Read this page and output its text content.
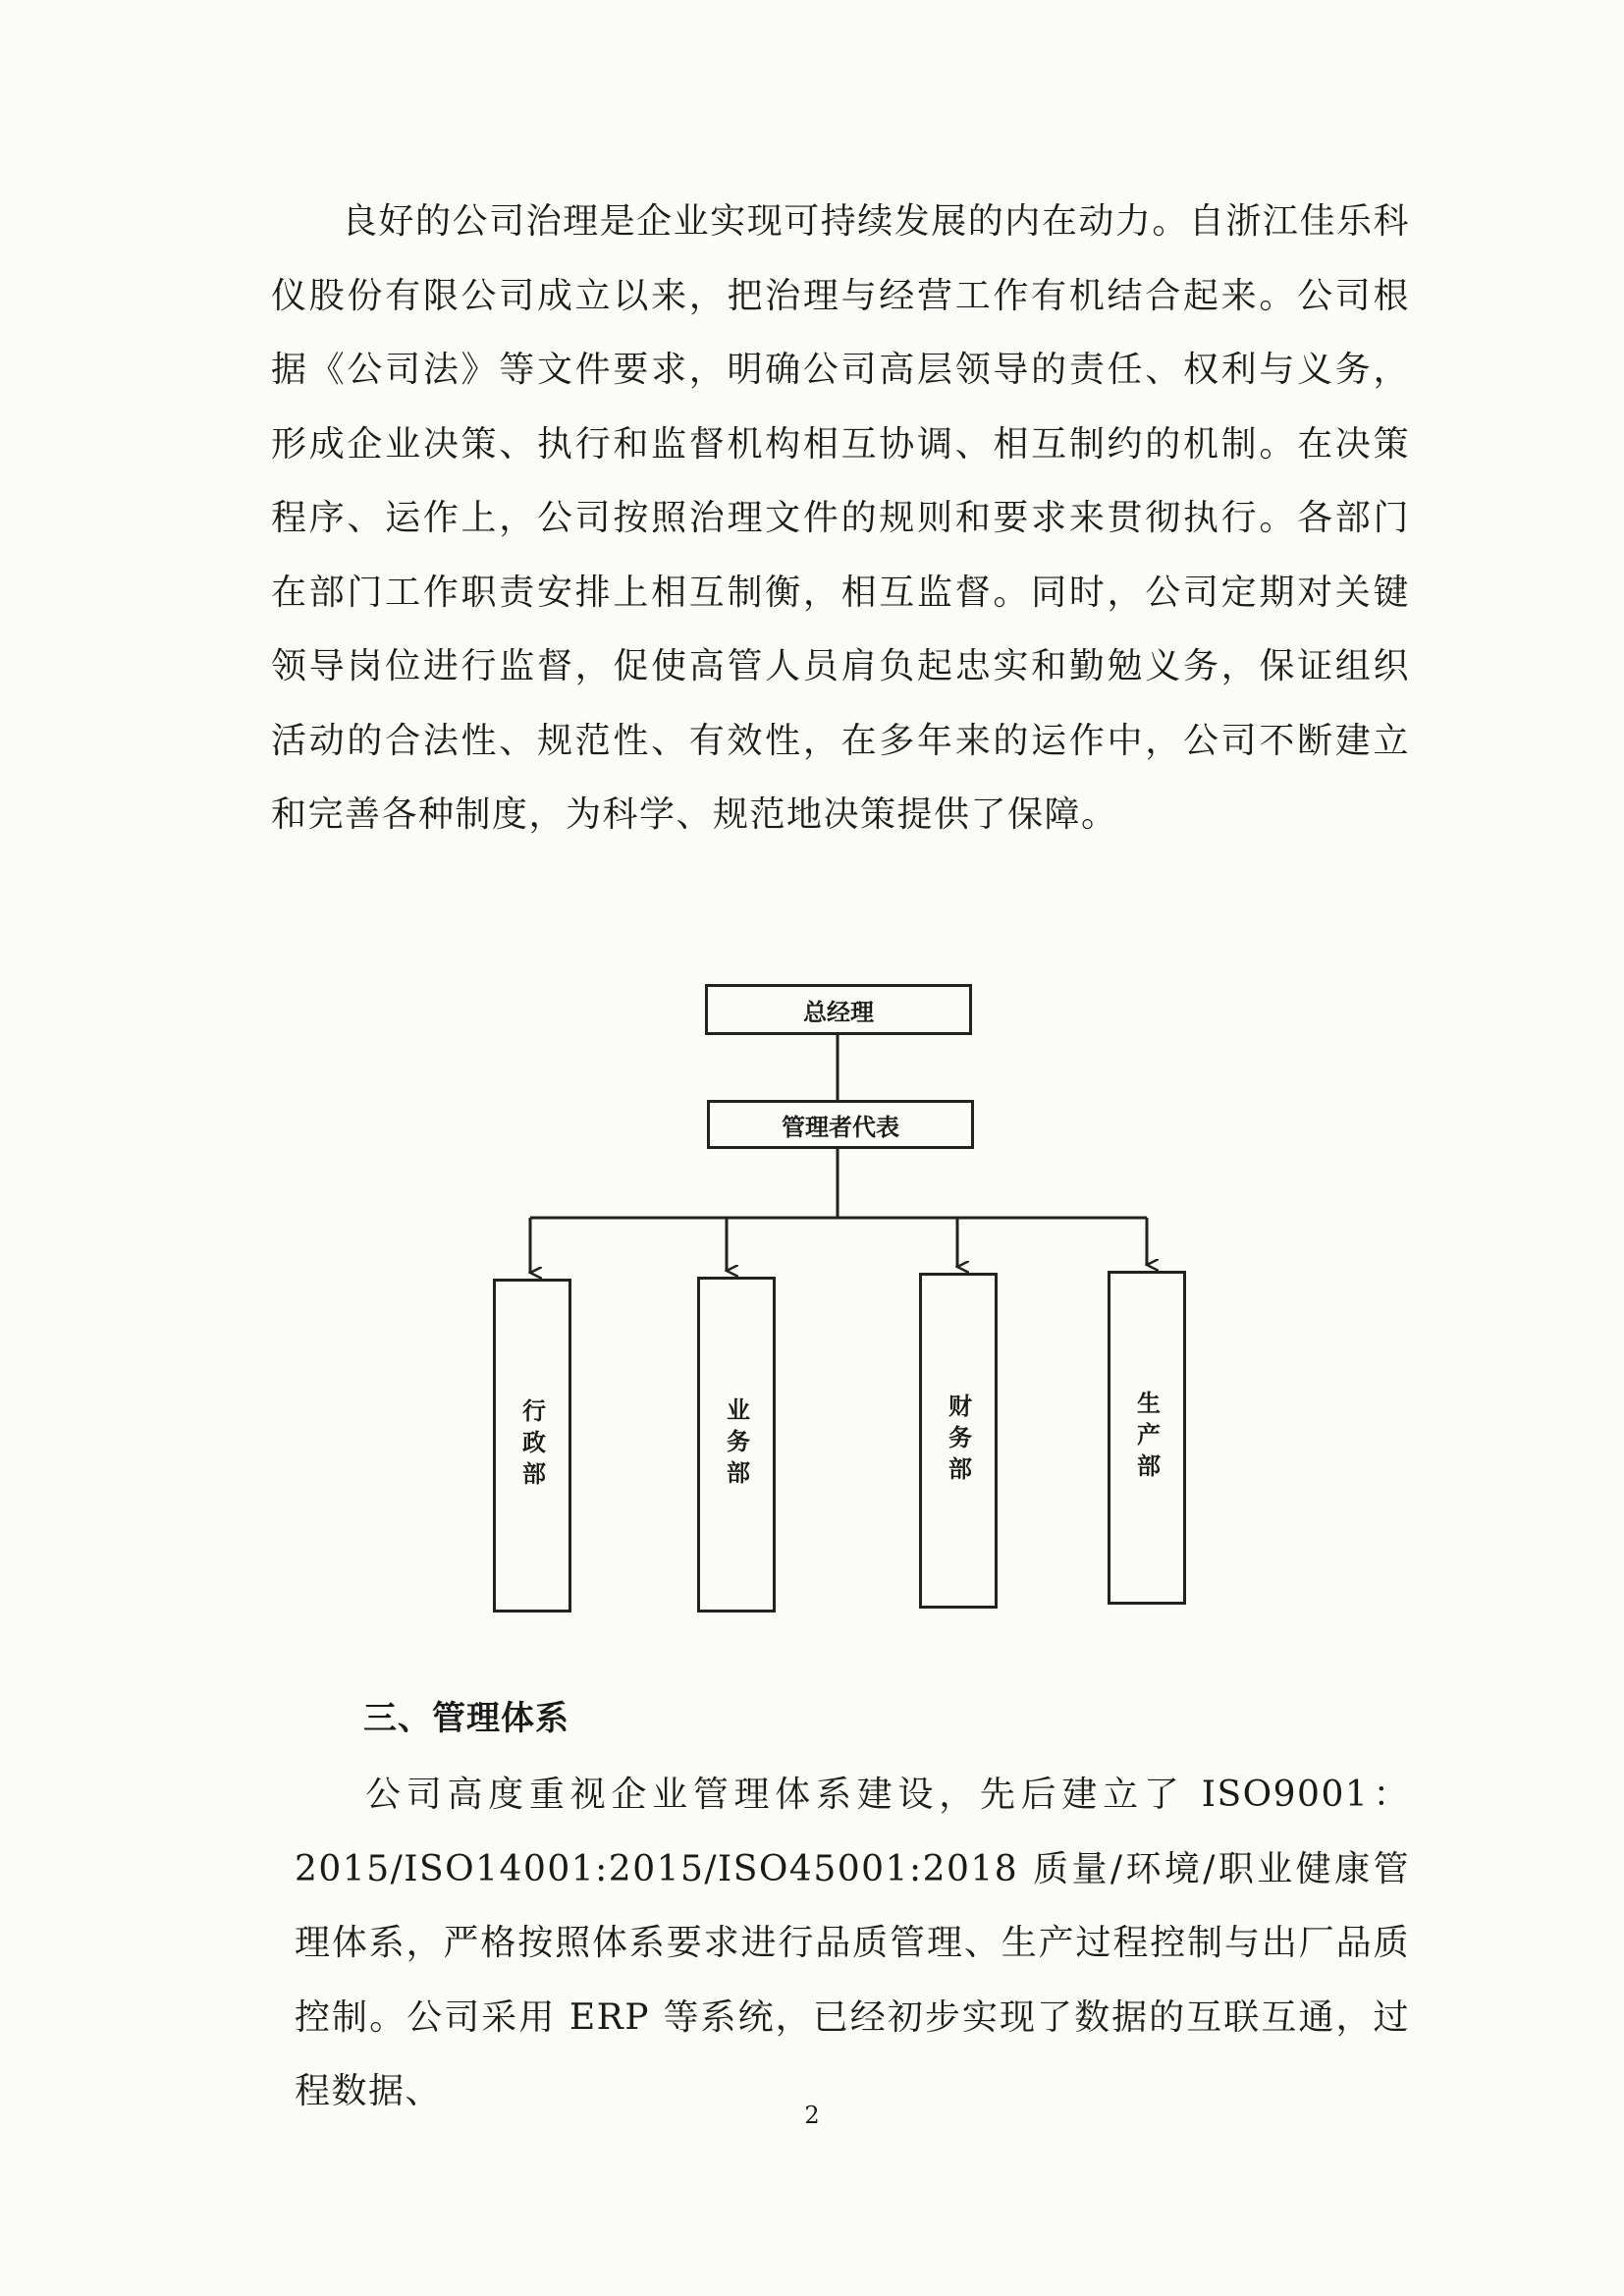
良好的公司治理是企业实现可持续发展的内在动力。自浙江佳乐科仪股份有限公司成立以来，把治理与经营工作有机结合起来。公司根据《公司法》等文件要求，明确公司高层领导的责任、权利与义务，形成企业决策、执行和监督机构相互协调、相互制约的机制。在决策程序、运作上，公司按照治理文件的规则和要求来贯彻执行。各部门在部门工作职责安排上相互制衡，相互监督。同时，公司定期对关键领导岗位进行监督，促使高管人员肩负起忠实和勤勉义务，保证组织活动的合法性、规范性、有效性，在多年来的运作中，公司不断建立和完善各种制度，为科学、规范地决策提供了保障。

总经理
管理者代表
行政部	业务部	财务部	生产部
三、管理体系

公司高度重视企业管理体系建设，先后建立了 ISO9001：2015/ISO14001:2015/ISO45001:2018 质量/环境/职业健康管理体系，严格按照体系要求进行品质管理、生产过程控制与出厂品质控制。公司采用 ERP 等系统，已经初步实现了数据的互联互通，过程数据、

2
